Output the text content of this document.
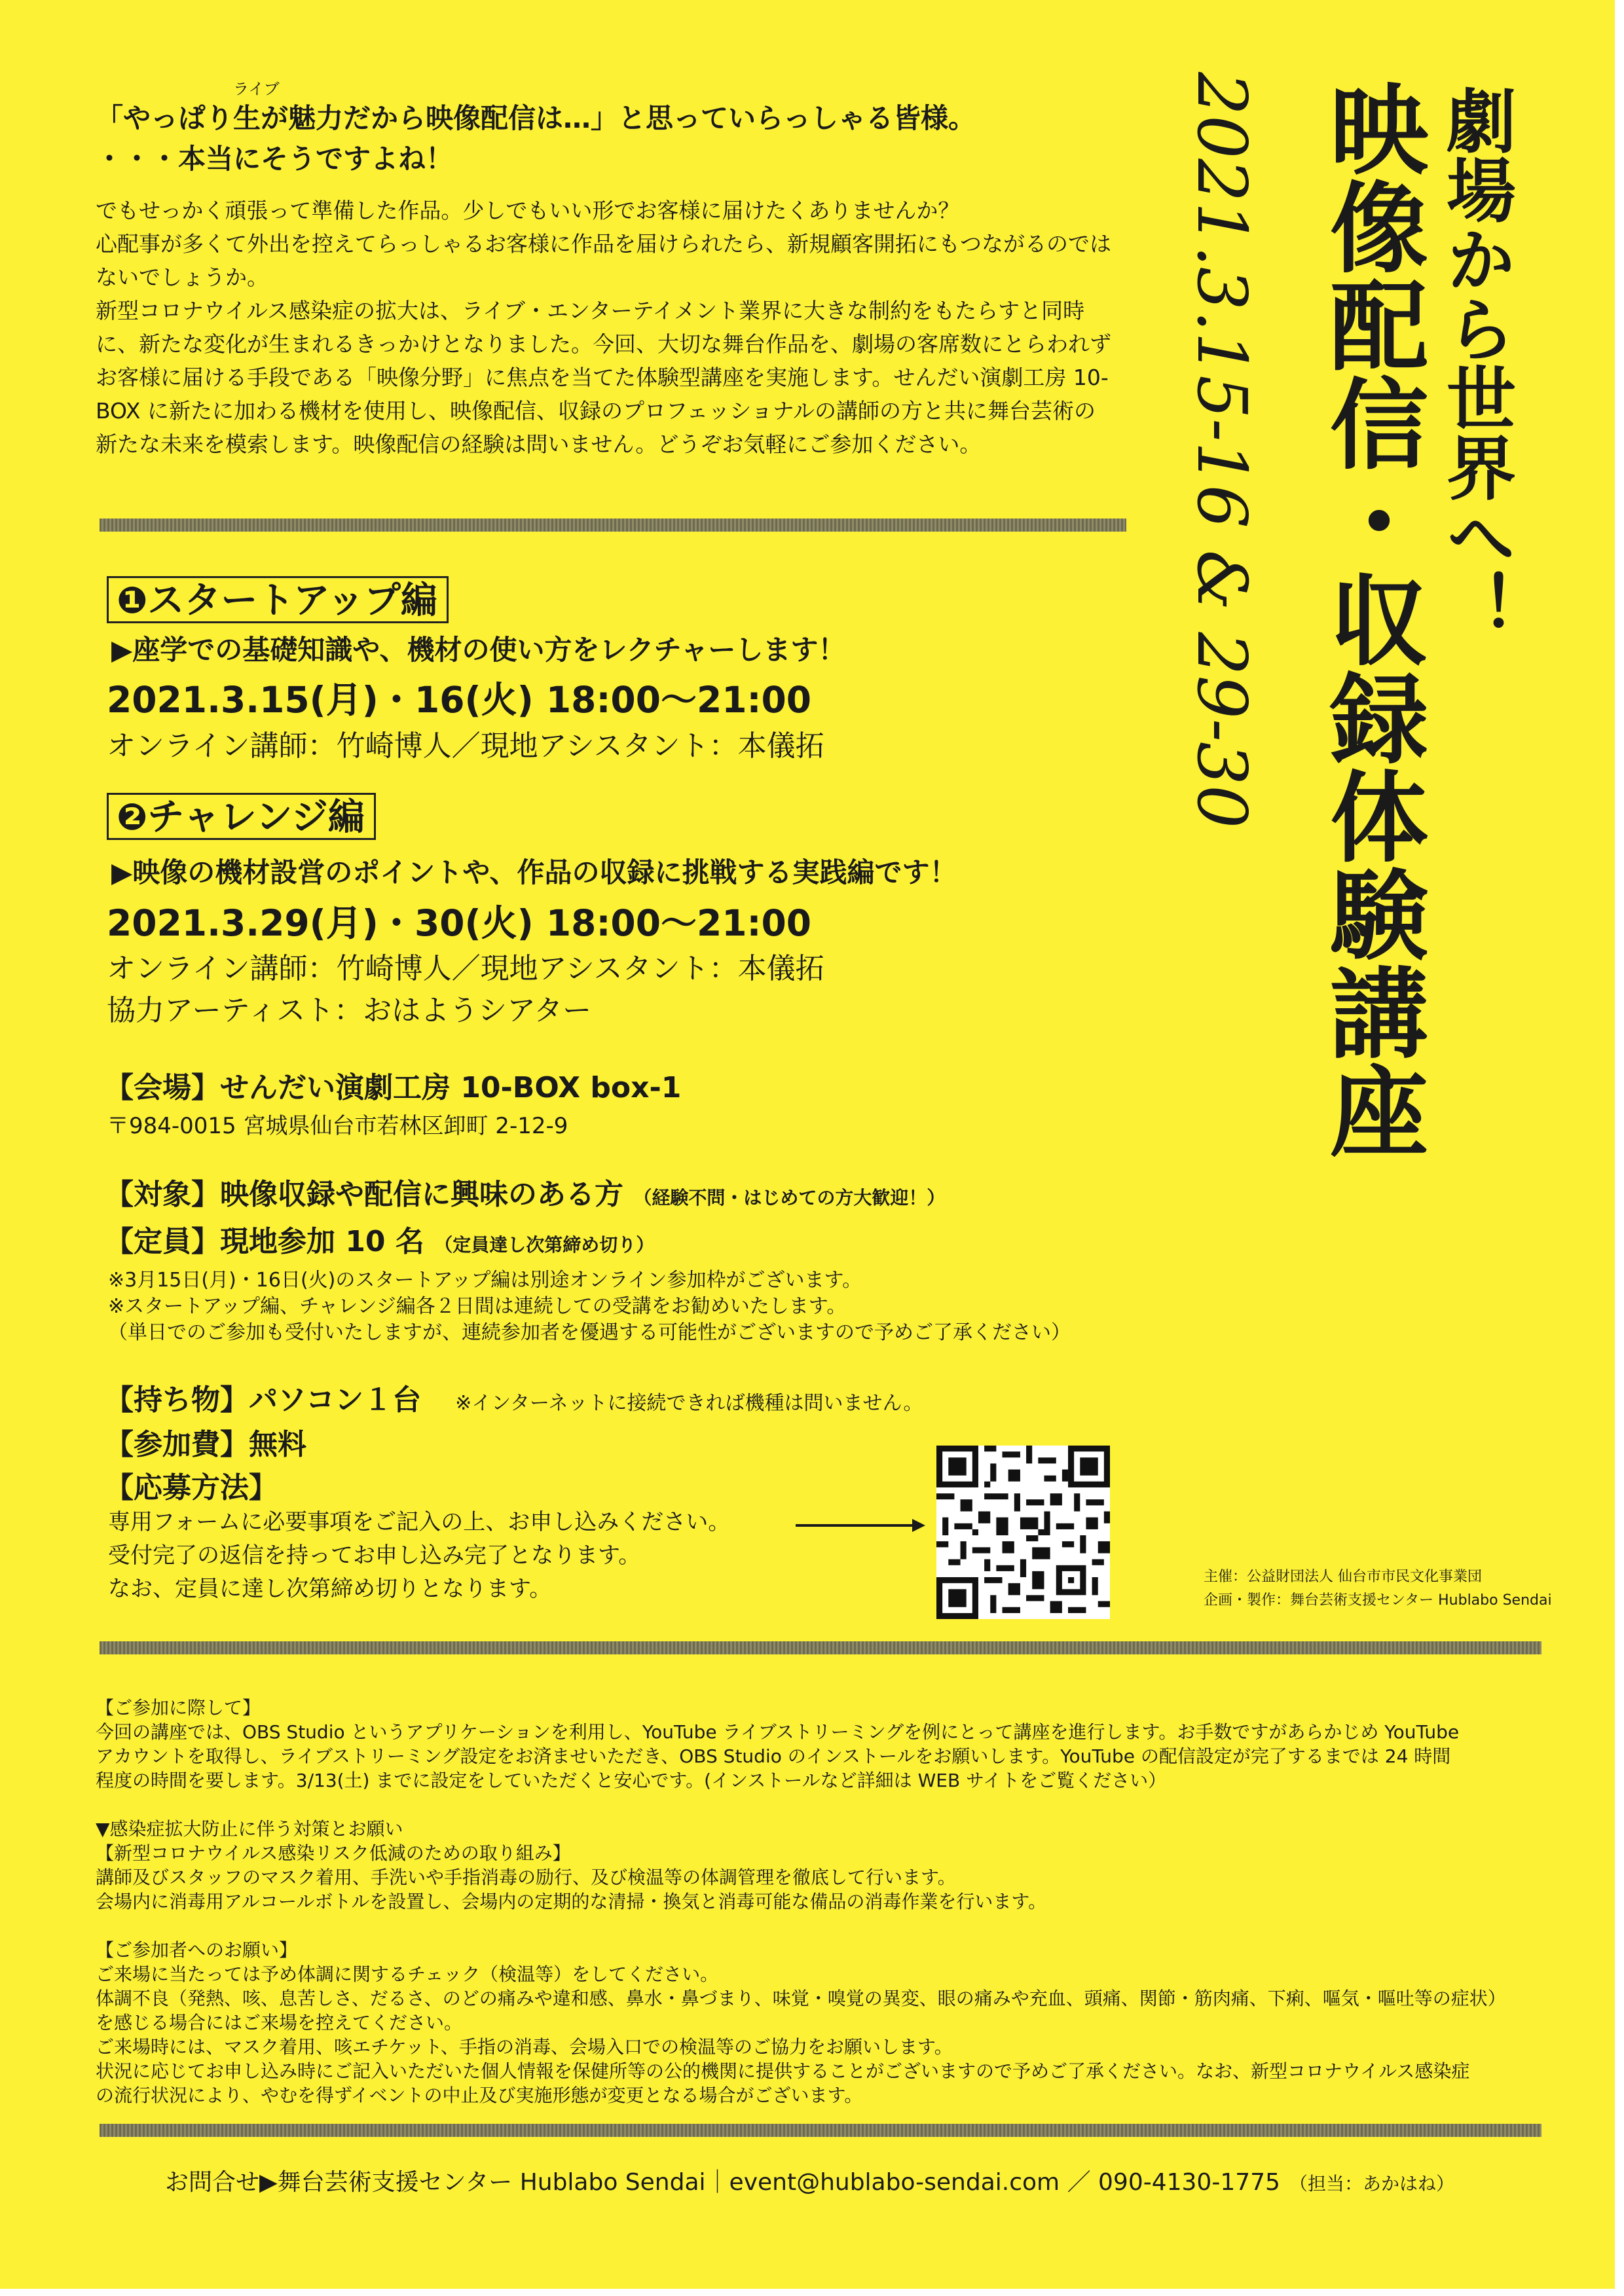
「やっぱり生
ライブ
が魅力だから映像配信は…」と思っていらっしゃる皆様。
・・・本当にそうですよね！

でもせっかく頑張って準備した作品。少しでもいい形でお客様に届けたくありませんか？

心配事が多くて外出を控えてらっしゃるお客様に作品を届けられたら、新規顧客開拓にもつながるのではないでしょうか。

新型コロナウイルス感染症の拡大は、ライブ・エンターテイメント業界に大きな制約をもたらすと同時に、新たな変化が生まれるきっかけとなりました。今回、大切な舞台作品を、劇場の客席数にとらわれずお客様に届ける手段である「映像分野」に焦点を当てた体験型講座を実施します。せんだい演劇工房 10-BOX に新たに加わる機材を使用し、映像配信、収録のプロフェッショナルの講師の方と共に舞台芸術の新たな未来を模索します。映像配信の経験は問いません。どうぞお気軽にご参加ください。

❶スタートアップ編
▶座学での基礎知識や、機材の使い方をレクチャーします！
2021.3.15(月)・16(火) 18:00〜21:00
オンライン講師：竹崎博人／現地アシスタント：本儀拓
❷チャレンジ編
▶映像の機材設営のポイントや、作品の収録に挑戦する実践編です！
2021.3.29(月)・30(火) 18:00〜21:00
オンライン講師：竹崎博人／現地アシスタント：本儀拓
協力アーティスト：おはようシアター
【会場】せんだい演劇工房 10-BOX box-1
〒984-0015 宮城県仙台市若林区卸町 2-12-9
【対象】映像収録や配信に興味のある方 （経験不問・はじめての方大歓迎！）
【定員】現地参加 10 名 （定員達し次第締め切り）
※3月15日(月)・16日(火)のスタートアップ編は別途オンライン参加枠がございます。
※スタートアップ編、チャレンジ編各２日間は連続しての受講をお勧めいたします。
（単日でのご参加も受付いたしますが、連続参加者を優遇する可能性がございますので予めご了承ください）
【持ち物】パソコン１台 ※インターネットに接続できれば機種は問いません。
【参加費】無料
【応募方法】
専用フォームに必要事項をご記入の上、お申し込みください。
受付完了の返信を持ってお申し込み完了となります。
なお、定員に達し次第締め切りとなります。
劇場から世界へ！
映像配信・収録体験講座
2021.3.15-16 & 29-30
主催：公益財団法人 仙台市市民文化事業団
企画・製作：舞台芸術支援センター Hublabo Sendai

【ご参加に際して】

今回の講座では、OBS Studio というアプリケーションを利用し、YouTube ライブストリーミングを例にとって講座を進行します。お手数ですがあらかじめ YouTube

アカウントを取得し、ライブストリーミング設定をお済ませいただき、OBS Studio のインストールをお願いします。YouTube の配信設定が完了するまでは 24 時間

程度の時間を要します。3/13(土) までに設定をしていただくと安心です。(インストールなど詳細は WEB サイトをご覧ください）

▼感染症拡大防止に伴う対策とお願い

【新型コロナウイルス感染リスク低減のための取り組み】

講師及びスタッフのマスク着用、手洗いや手指消毒の励行、及び検温等の体調管理を徹底して行います。

会場内に消毒用アルコールボトルを設置し、会場内の定期的な清掃・換気と消毒可能な備品の消毒作業を行います。

【ご参加者へのお願い】

ご来場に当たっては予め体調に関するチェック（検温等）をしてください。

体調不良（発熱、咳、息苦しさ、だるさ、のどの痛みや違和感、鼻水・鼻づまり、味覚・嗅覚の異変、眼の痛みや充血、頭痛、関節・筋肉痛、下痢、嘔気・嘔吐等の症状）

を感じる場合にはご来場を控えてください。

ご来場時には、マスク着用、咳エチケット、手指の消毒、会場入口での検温等のご協力をお願いします。

状況に応じてお申し込み時にご記入いただいた個人情報を保健所等の公的機関に提供することがございますので予めご了承ください。なお、新型コロナウイルス感染症

の流行状況により、やむを得ずイベントの中止及び実施形態が変更となる場合がございます。

お問合せ▶舞台芸術支援センター Hublabo Sendai｜event@hublabo-sendai.com ／ 090-4130-1775 （担当：あかはね）
